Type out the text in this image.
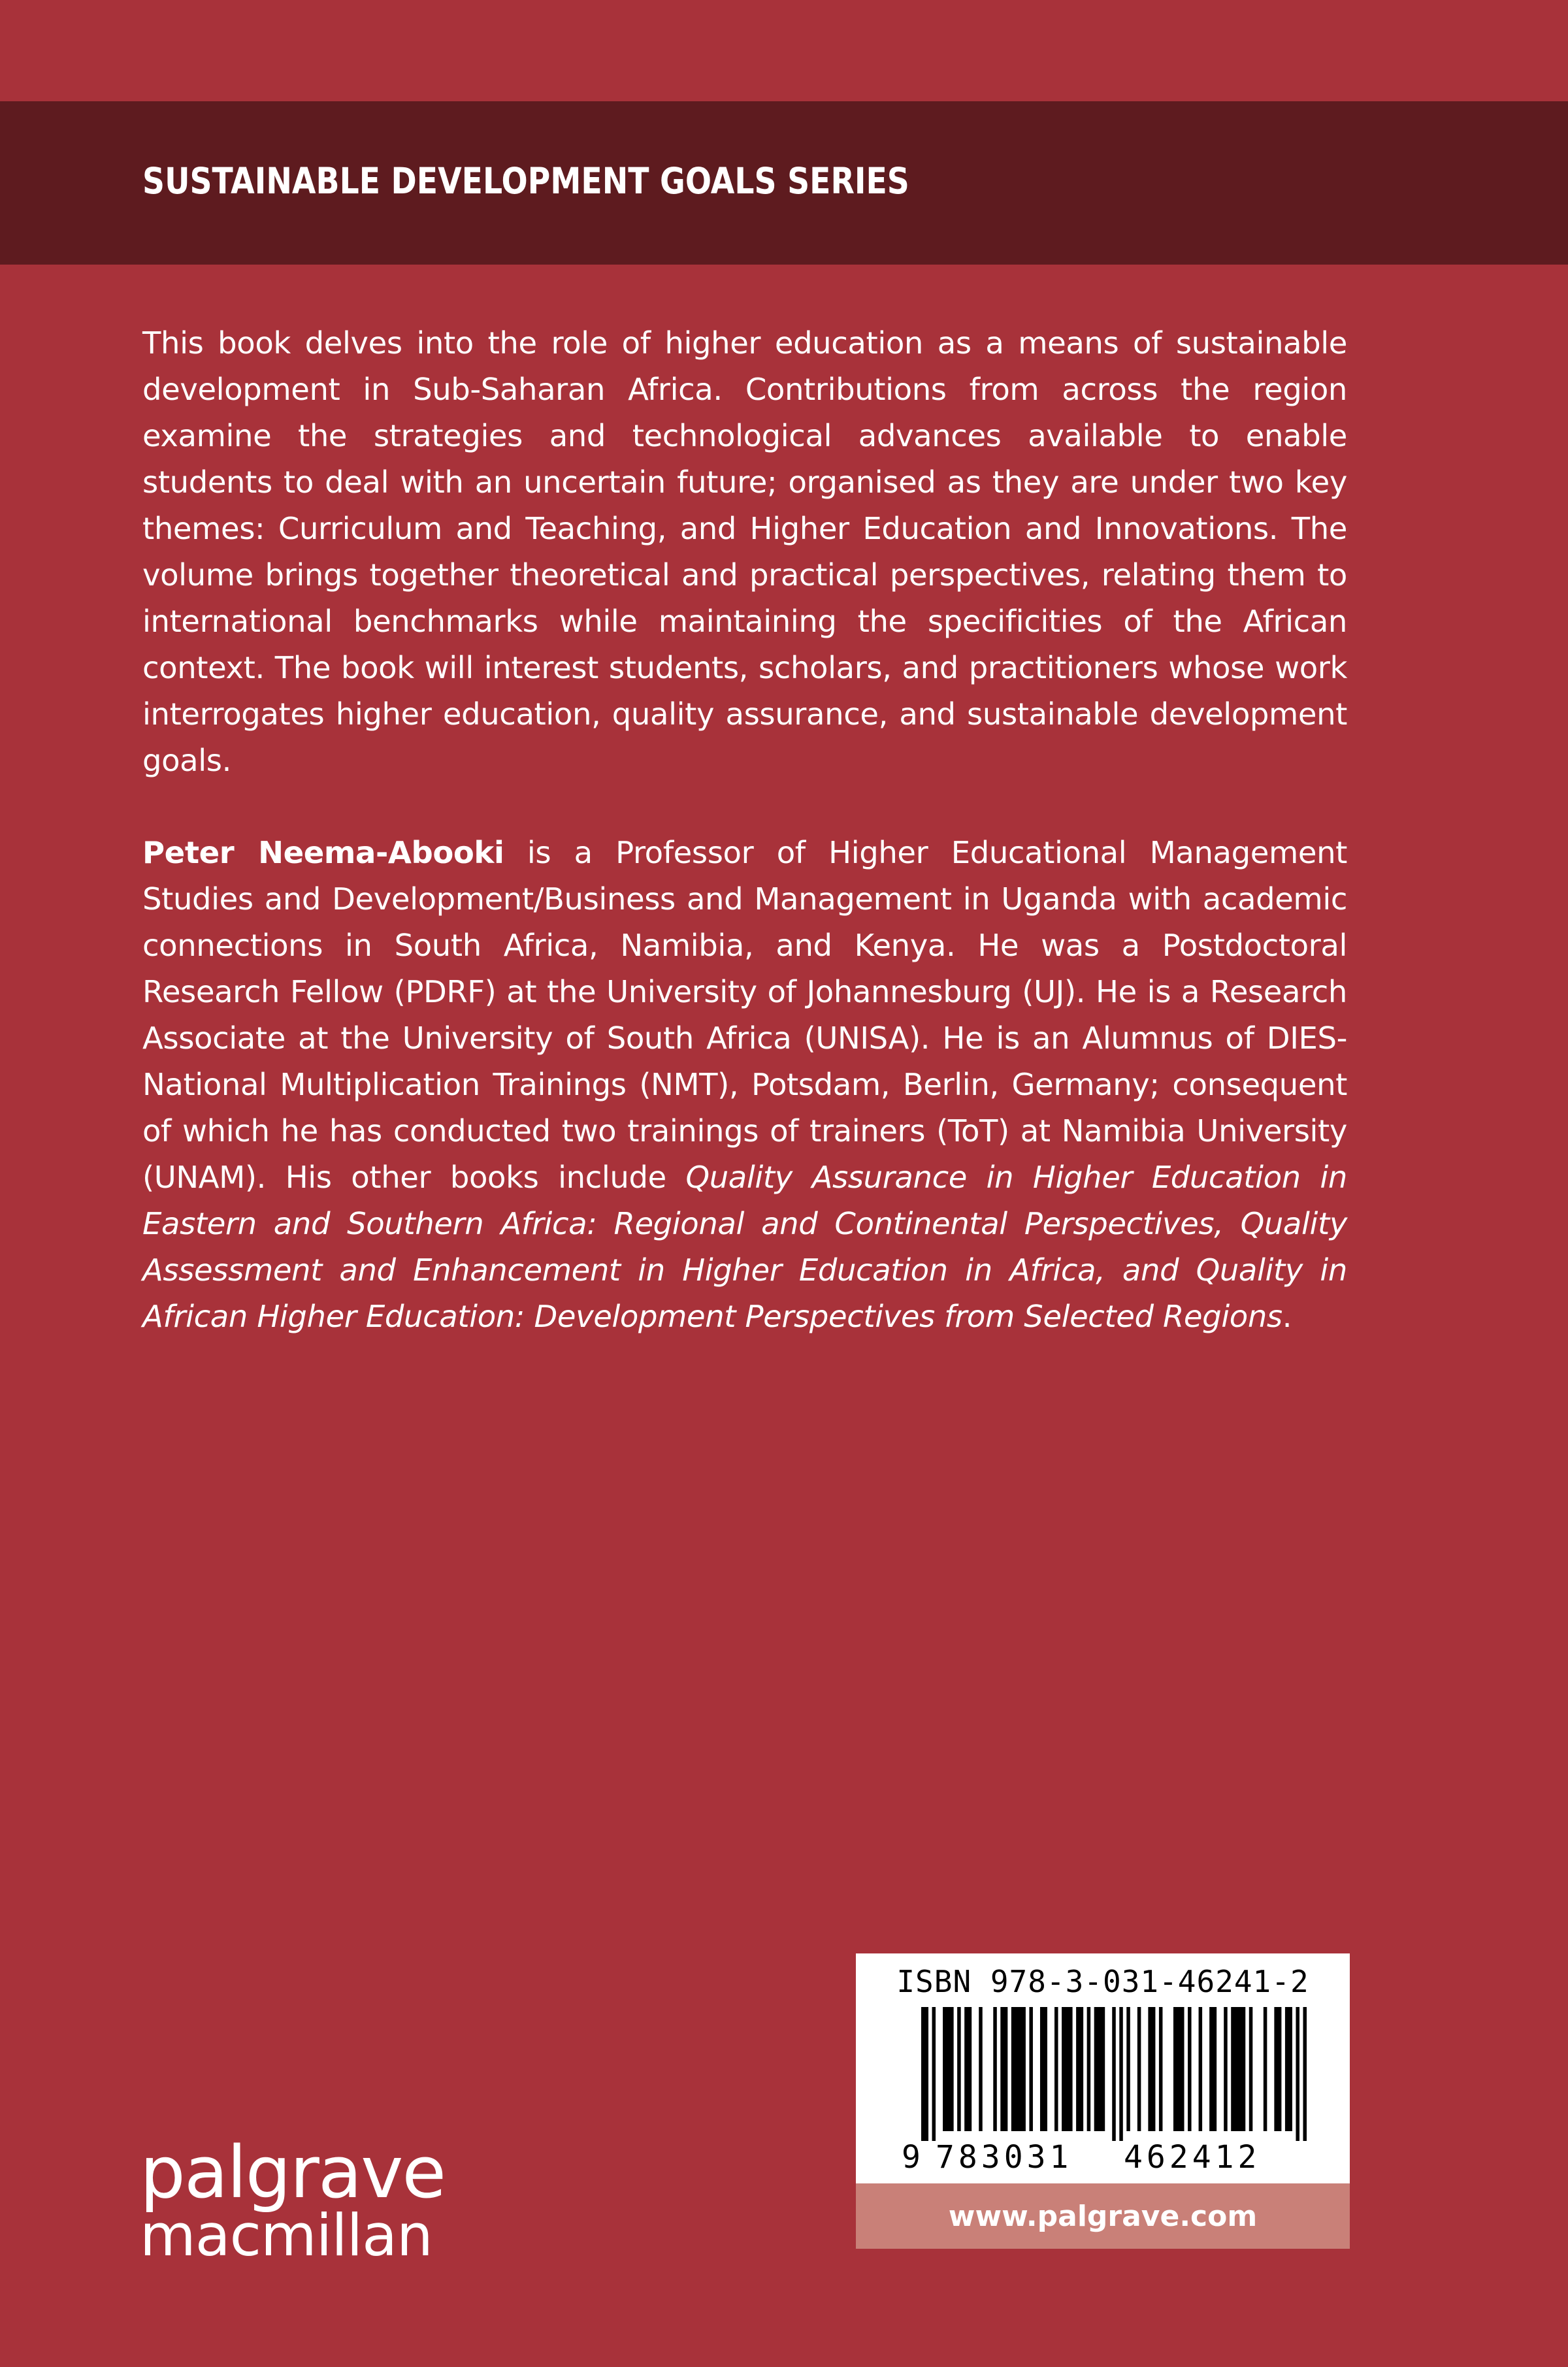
SUSTAINABLE DEVELOPMENT GOALS SERIES
This book delves into the role of higher education as a means of sustainable development in Sub-Saharan Africa. Contributions from across the region examine the strategies and technological advances available to enable students to deal with an uncertain future; organised as they are under two key themes: Curriculum and Teaching, and Higher Education and Innovations. The volume brings together theoretical and practical perspectives, relating them to international benchmarks while maintaining the specificities of the African context. The book will interest students, scholars, and practitioners whose work interrogates higher education, quality assurance, and sustainable development goals.
Peter Neema-Abooki is a Professor of Higher Educational Management Studies and Development/Business and Management in Uganda with academic connections in South Africa, Namibia, and Kenya. He was a Postdoctoral Research Fellow (PDRF) at the University of Johannesburg (UJ). He is a Research Associate at the University of South Africa (UNISA). He is an Alumnus of DIES-National Multiplication Trainings (NMT), Potsdam, Berlin, Germany; consequent of which he has conducted two trainings of trainers (ToT) at Namibia University (UNAM). His other books include Quality Assurance in Higher Education in Eastern and Southern Africa: Regional and Continental Perspectives, Quality Assessment and Enhancement in Higher Education in Africa, and Quality in African Higher Education: Development Perspectives from Selected Regions.
palgrave
macmillan
ISBN 978-3-031-46241-2
9 783031 462412
www.palgrave.com
